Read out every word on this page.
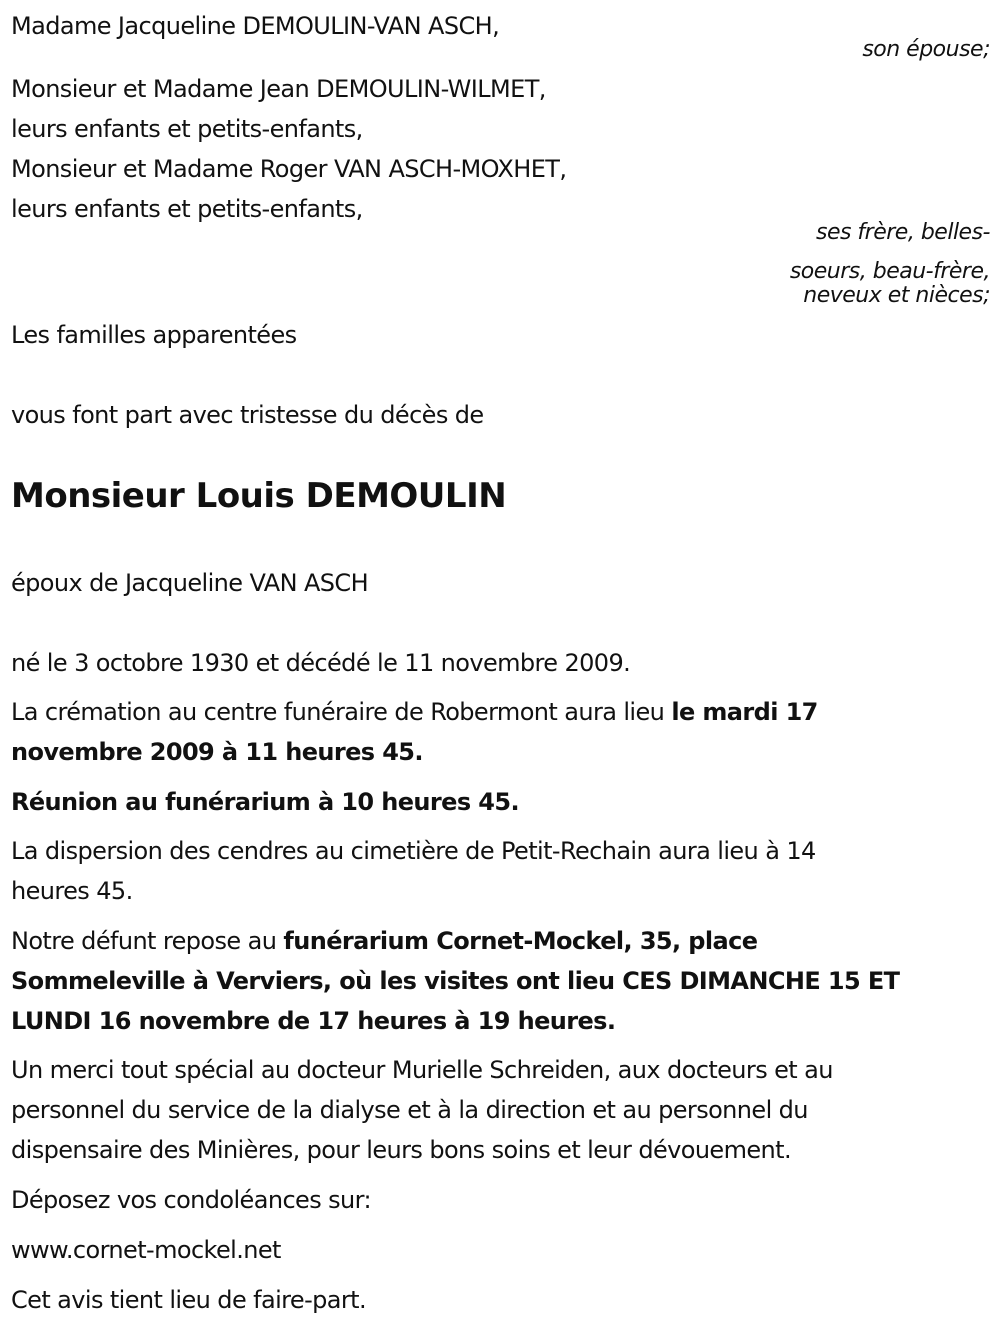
Madame Jacqueline DEMOULIN-VAN ASCH,
son épouse;
Monsieur et Madame Jean DEMOULIN-WILMET,
leurs enfants et petits-enfants,
Monsieur et Madame Roger VAN ASCH-MOXHET,
leurs enfants et petits-enfants,
ses frère, belles-
soeurs, beau-frère,
neveux et nièces;
Les familles apparentées
vous font part avec tristesse du décès de
Monsieur Louis DEMOULIN
époux de Jacqueline VAN ASCH
né le 3 octobre 1930 et décédé le 11 novembre 2009.
La crémation au centre funéraire de Robermont aura lieu le mardi 17
novembre 2009 à 11 heures 45.
Réunion au funérarium à 10 heures 45.
La dispersion des cendres au cimetière de Petit-Rechain aura lieu à 14
heures 45.
Notre défunt repose au funérarium Cornet-Mockel, 35, place
Sommeleville à Verviers, où les visites ont lieu CES DIMANCHE 15 ET
LUNDI 16 novembre de 17 heures à 19 heures.
Un merci tout spécial au docteur Murielle Schreiden, aux docteurs et au
personnel du service de la dialyse et à la direction et au personnel du
dispensaire des Minières, pour leurs bons soins et leur dévouement.
Déposez vos condoléances sur:
www.cornet-mockel.net
Cet avis tient lieu de faire-part.
